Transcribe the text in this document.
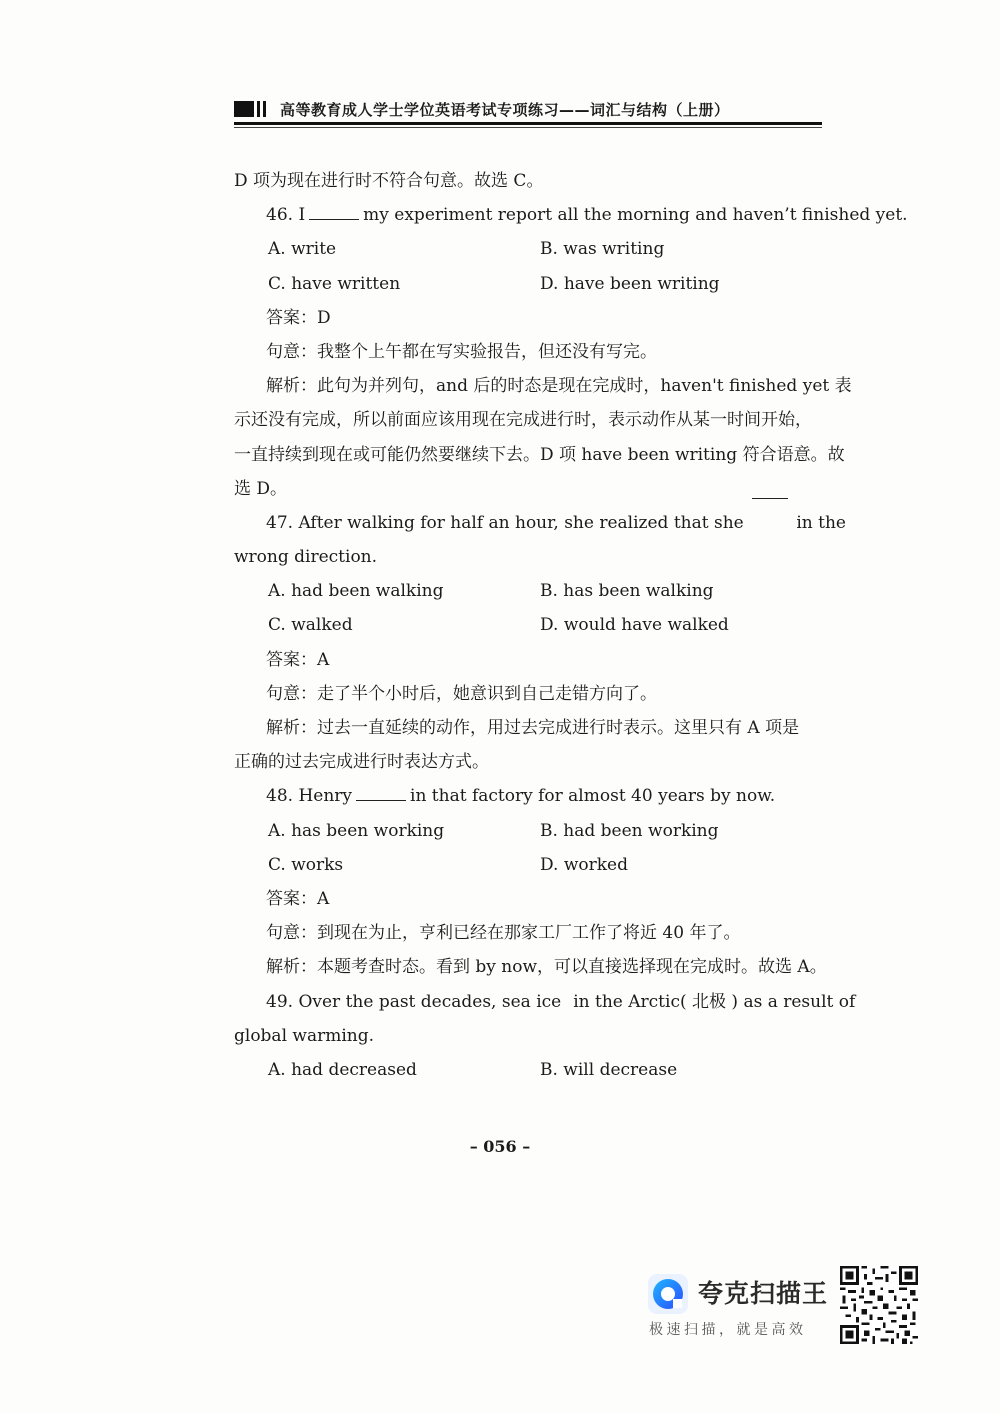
高等教育成人学士学位英语考试专项练习——词汇与结构（上册）
D 项为现在进行时不符合句意。故选 C。
46. I	my experiment report all the morning and haven’t finished yet.
A. write	B. was writing
C. have written	D. have been writing
答案：D
句意：我整个上午都在写实验报告，但还没有写完。
解析：此句为并列句，and 后的时态是现在完成时，haven't finished yet 表
示还没有完成，所以前面应该用现在完成进行时，表示动作从某一时间开始，
一直持续到现在或可能仍然要继续下去。D 项 have been writing 符合语意。故
选 D。
47. After walking for half an hour, she realized that she	in the
wrong direction.
A. had been walking	B. has been walking
C. walked	D. would have walked
答案：A
句意：走了半个小时后，她意识到自己走错方向了。
解析：过去一直延续的动作，用过去完成进行时表示。这里只有 A 项是
正确的过去完成进行时表达方式。
48. Henry	in that factory for almost 40 years by now.
A. has been working	B. had been working
C. works	D. worked
答案：A
句意：到现在为止，亨利已经在那家工厂工作了将近 40 年了。
解析：本题考查时态。看到 by now，可以直接选择现在完成时。故选 A。
49. Over the past decades, sea ice in the Arctic( 北极 ) as a result of
global warming.
A. had decreased	B. will decrease
– 056 –
夸克扫描王
极速扫描，就是高效
